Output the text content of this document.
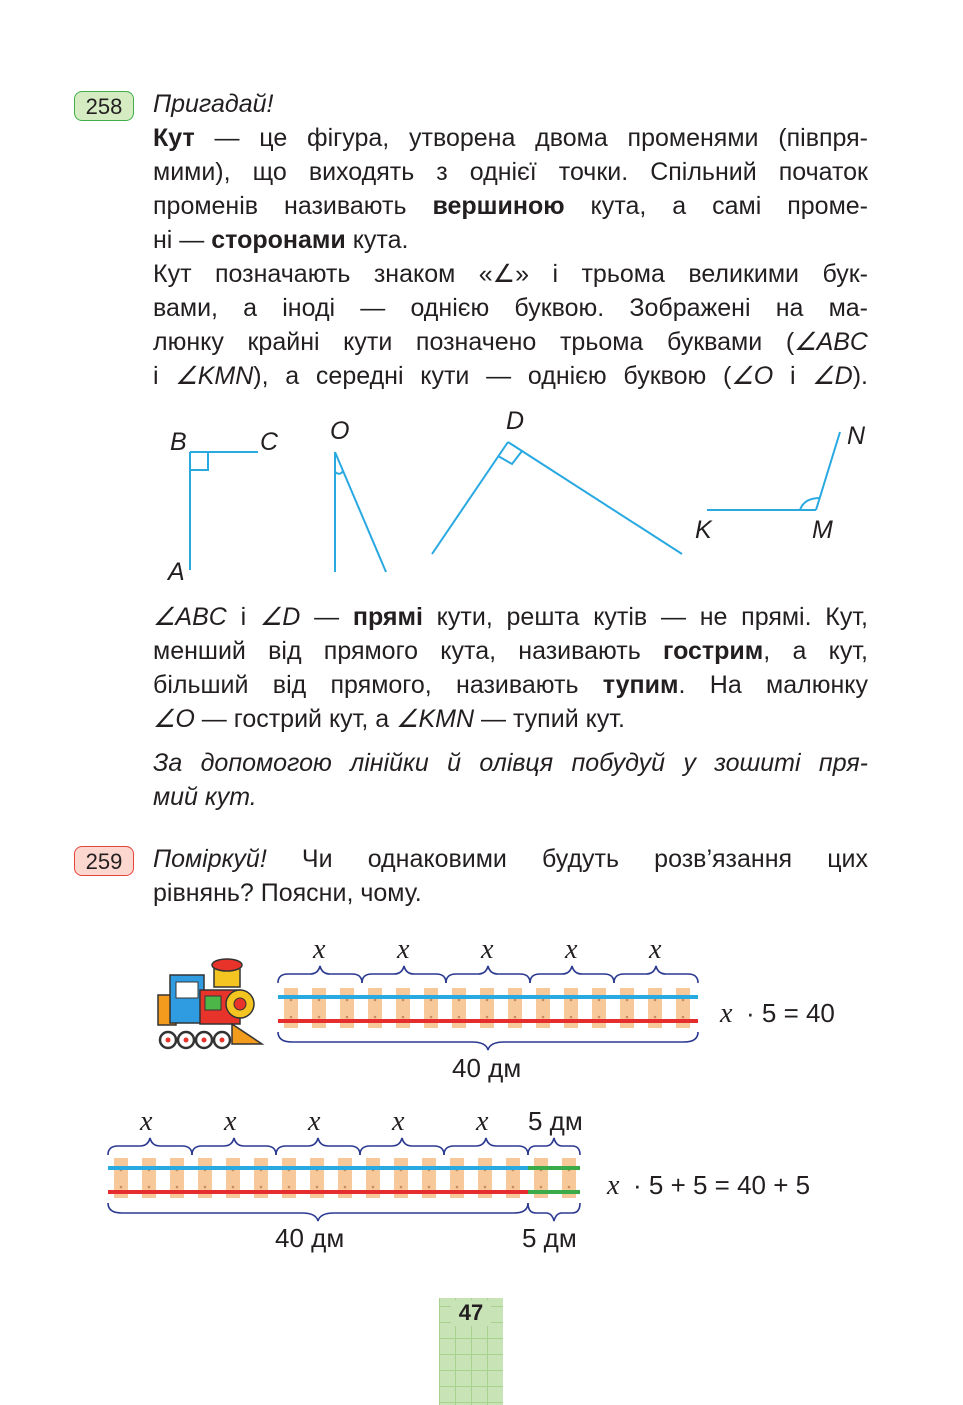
258	Пригадай!
Кут — це фігура, утворена двома променями (півпря-
мими), що виходять з однієї точки. Спільний початок
променів називають вершиною кута, а самі проме-
ні — сторонами кута.
Кут позначають знаком «∠» і трьома великими бук-
вами, а іноді — однією буквою. Зображені на ма-
люнку крайні кути позначено трьома буквами (∠ABC
і ∠KMN), а середні кути — однією буквою (∠O і ∠D).
B	C
A
O	D
K	M
N
∠ABC і ∠D — прямі кути, решта кутів — не прямі. Кут,
менший від прямого кута, називають гострим, а кут,
більший від прямого, називають тупим. На малюнку
∠O — гострий кут, а ∠KMN — тупий кут.
За допомогою лінійки й олівця побудуй у зошиті пря-
мий кут.
259	Поміркуй! Чи однаковими будуть розв’язання цих
рівнянь? Поясни, чому.
x	x	x	x	x
40 дм
x · 5 = 40
x	x	x	x	x 5 дм
40 дм	5 дм
x · 5 + 5 = 40 + 5
47
